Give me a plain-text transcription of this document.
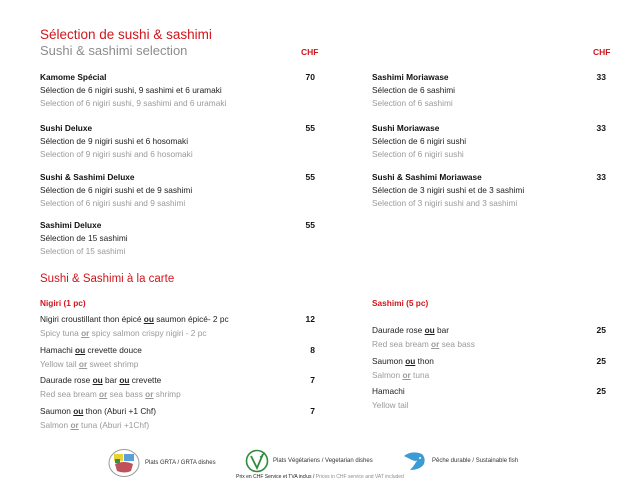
Sélection de sushi & sashimi
Sushi & sashimi selection	CHF	CHF
Kamome Spécial
Sélection de 6 nigiri sushi, 9 sashimi et 6 uramaki
Selection of 6 nigiri sushi, 9 sashimi and 6 uramaki
70
Sushi Deluxe
Sélection de 9 nigiri sushi et 6 hosomaki
Selection of 9 nigiri sushi and 6 hosomaki
55
Sushi & Sashimi Deluxe
Sélection de 6 nigiri sushi et de 9 sashimi
Selection of 6 nigiri sushi and 9 sashimi
55
Sashimi Deluxe
Sélection de 15 sashimi
Selection of 15 sashimi
55
Sashimi Moriawase
Sélection de 6 sashimi
Selection of 6 sashimi
33
Sushi Moriawase
Sélection de 6 nigiri sushi
Selection of 6 nigiri sushi
33
Sushi & Sashimi Moriawase
Sélection de 3 nigiri sushi et de 3 sashimi
Selection of 3 nigiri sushi and 3 sashimi
33
Sushi & Sashimi à la carte
Nigiri (1 pc)	Sashimi (5 pc)
Nigiri croustillant thon épicé ou saumon épicé- 2 pc
Spicy tuna or spicy salmon crispy nigiri - 2 pc
12
Hamachi ou crevette douce
Yellow tail or sweet shrimp
8
Daurade rose ou bar ou crevette
Red sea bream or sea bass or shrimp
7
Saumon ou thon (Aburi +1 Chf)
Salmon or tuna (Aburi +1Chf)
7
Daurade rose ou bar
Red sea bream or sea bass
25
Saumon ou thon
Salmon or tuna
25
Hamachi
Yellow tail
25
Plats GRTA / GRTA dishes	Plats Végétariens / Vegetarian dishes	Pêche durable / Sustainable fish
Prix en CHF Service et TVA inclus / Prices in CHF service and VAT included
